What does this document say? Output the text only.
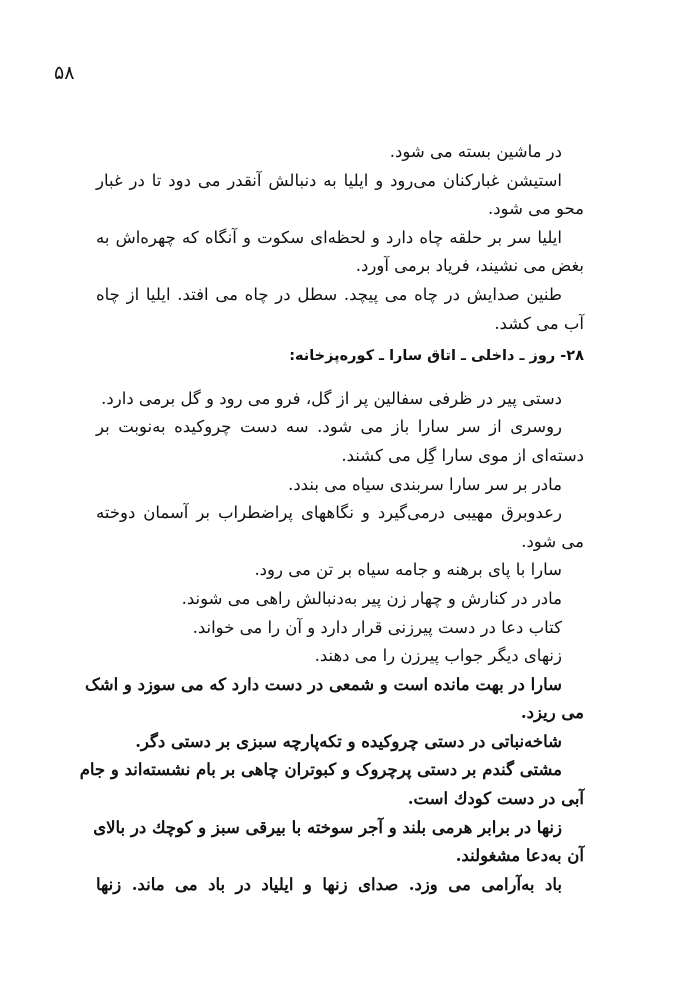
۵۸
در ماشین بسته می شود.
استیشن غبارکنان می‌رود و ایلیا به دنبالش آنقدر می دود تا در غبار
محو می شود.
ایلیا سر بر حلقه چاه دارد و لحظه‌ای سکوت و آنگاه که چهره‌اش به
بغض می نشیند، فریاد برمی آورد.
طنین صدایش در چاه می پیچد. سطل در چاه می افتد. ایلیا از چاه
آب می کشد.
۲۸- روز ـ داخلی ـ اتاق سارا ـ کوره‌پزخانه:
دستی پیر در ظرفی سفالین پر از گل، فرو می رود و گل برمی دارد.
روسری از سر سارا باز می شود. سه دست چروکیده به‌نوبت بر
دسته‌ای از موی سارا گِل می کشند.
مادر بر سر سارا سربندی سیاه می بندد.
رعدوبرق مهیبی درمی‌گیرد و نگاههای پراضطراب بر آسمان دوخته
می شود.
سارا با پای برهنه و جامه سیاه بر تن می رود.
مادر در کنارش و چهار زن پیر به‌دنبالش راهی می شوند.
کتاب دعا در دست پیرزنی قرار دارد و آن را می خواند.
زنهای دیگر جواب پیرزن را می دهند.
سارا در بهت مانده است و شمعی در دست دارد که می سوزد و اشک
می ریزد.
شاخه‌نباتی در دستی چروکیده و تکه‌پارچه سبزی بر دستی دگر.
مشتی گندم بر دستی پرچروک و کبوتران چاهی بر بام نشسته‌اند و جام
آبی در دست کودك است.
زنها در برابر هرمی بلند و آجر سوخته با بیرقی سبز و کوچك در بالای
آن به‌دعا مشغولند.
باد به‌آرامی می وزد. صدای زنها و ایلیاد در باد می ماند. زنها
